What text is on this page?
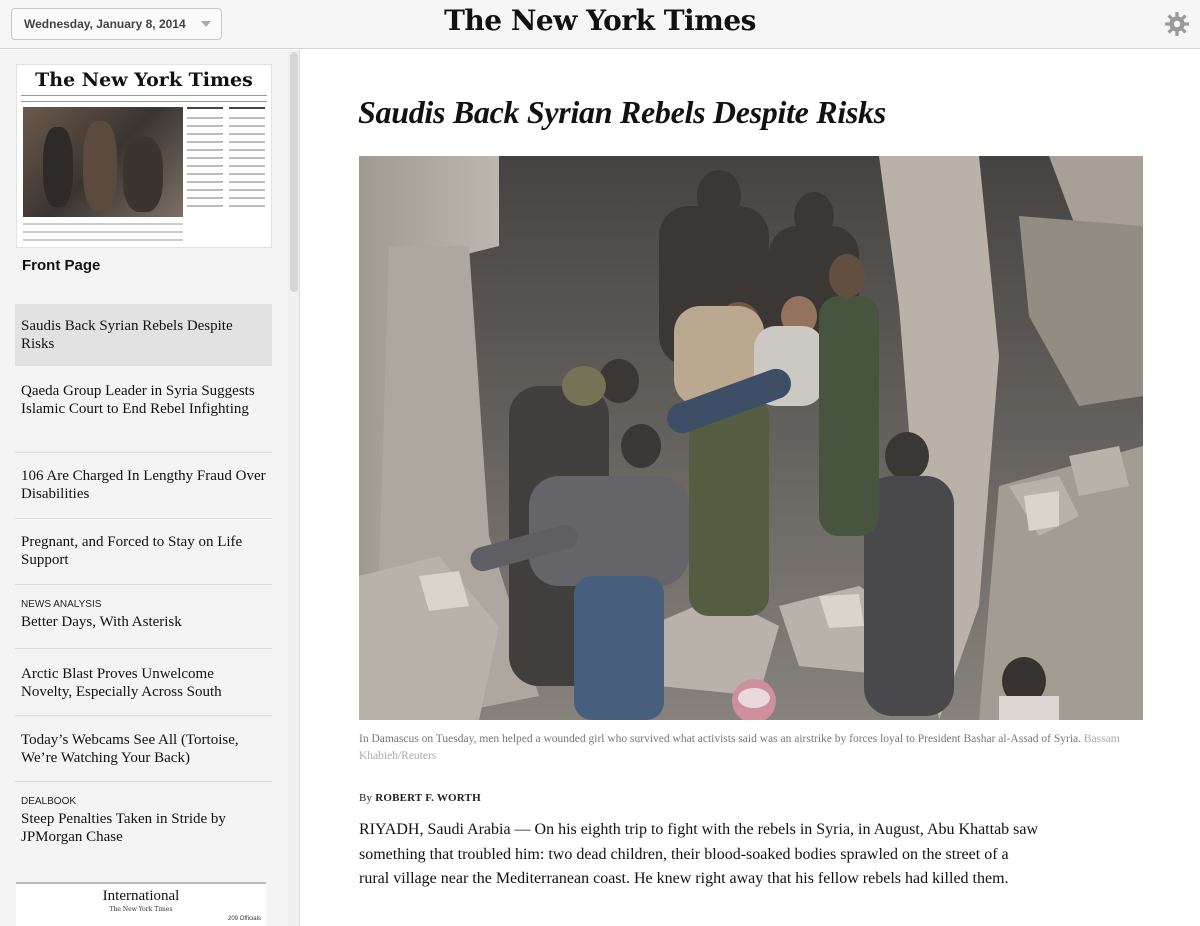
Wednesday, January 8, 2014	The New York Times
The New York Times
Front Page
Saudis Back Syrian Rebels Despite Risks
Qaeda Group Leader in Syria Suggests Islamic Court to End Rebel Infighting
106 Are Charged In Lengthy Fraud Over Disabilities
Pregnant, and Forced to Stay on Life Support
NEWS ANALYSIS
Better Days, With Asterisk
Arctic Blast Proves Unwelcome Novelty, Especially Across South
Today’s Webcams See All (Tortoise, We’re Watching Your Back)
DEALBOOK
Steep Penalties Taken in Stride by JPMorgan Chase
International
The New York Times
209 Officials
Saudis Back Syrian Rebels Despite Risks
In Damascus on Tuesday, men helped a wounded girl who survived what activists said was an airstrike by forces loyal to President Bashar al-Assad of Syria. Bassam Khabieh/Reuters
By ROBERT F. WORTH
RIYADH, Saudi Arabia — On his eighth trip to fight with the rebels in Syria, in August, Abu Khattab saw something that troubled him: two dead children, their blood-soaked bodies sprawled on the street of a rural village near the Mediterranean coast. He knew right away that his fellow rebels had killed them.
